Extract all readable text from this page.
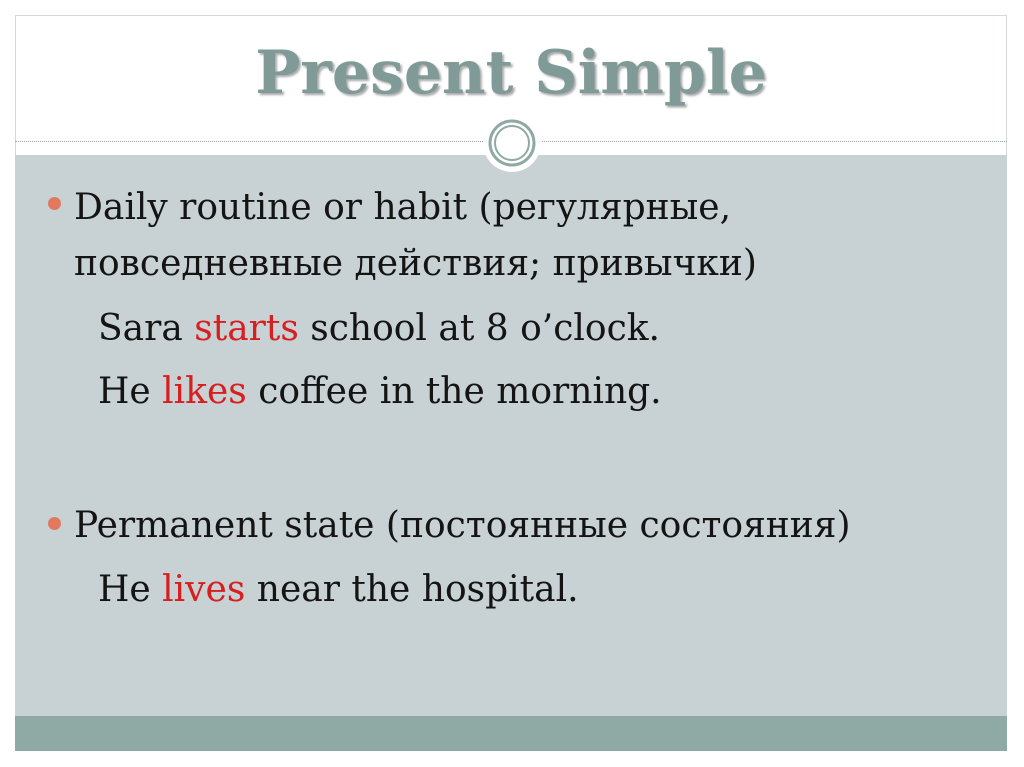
Present Simple
Daily routine or habit (регулярные,
повседневные действия; привычки)
Sara starts school at 8 o’clock.
He likes coffee in the morning.
Permanent state (постоянные состояния)
He lives near the hospital.
